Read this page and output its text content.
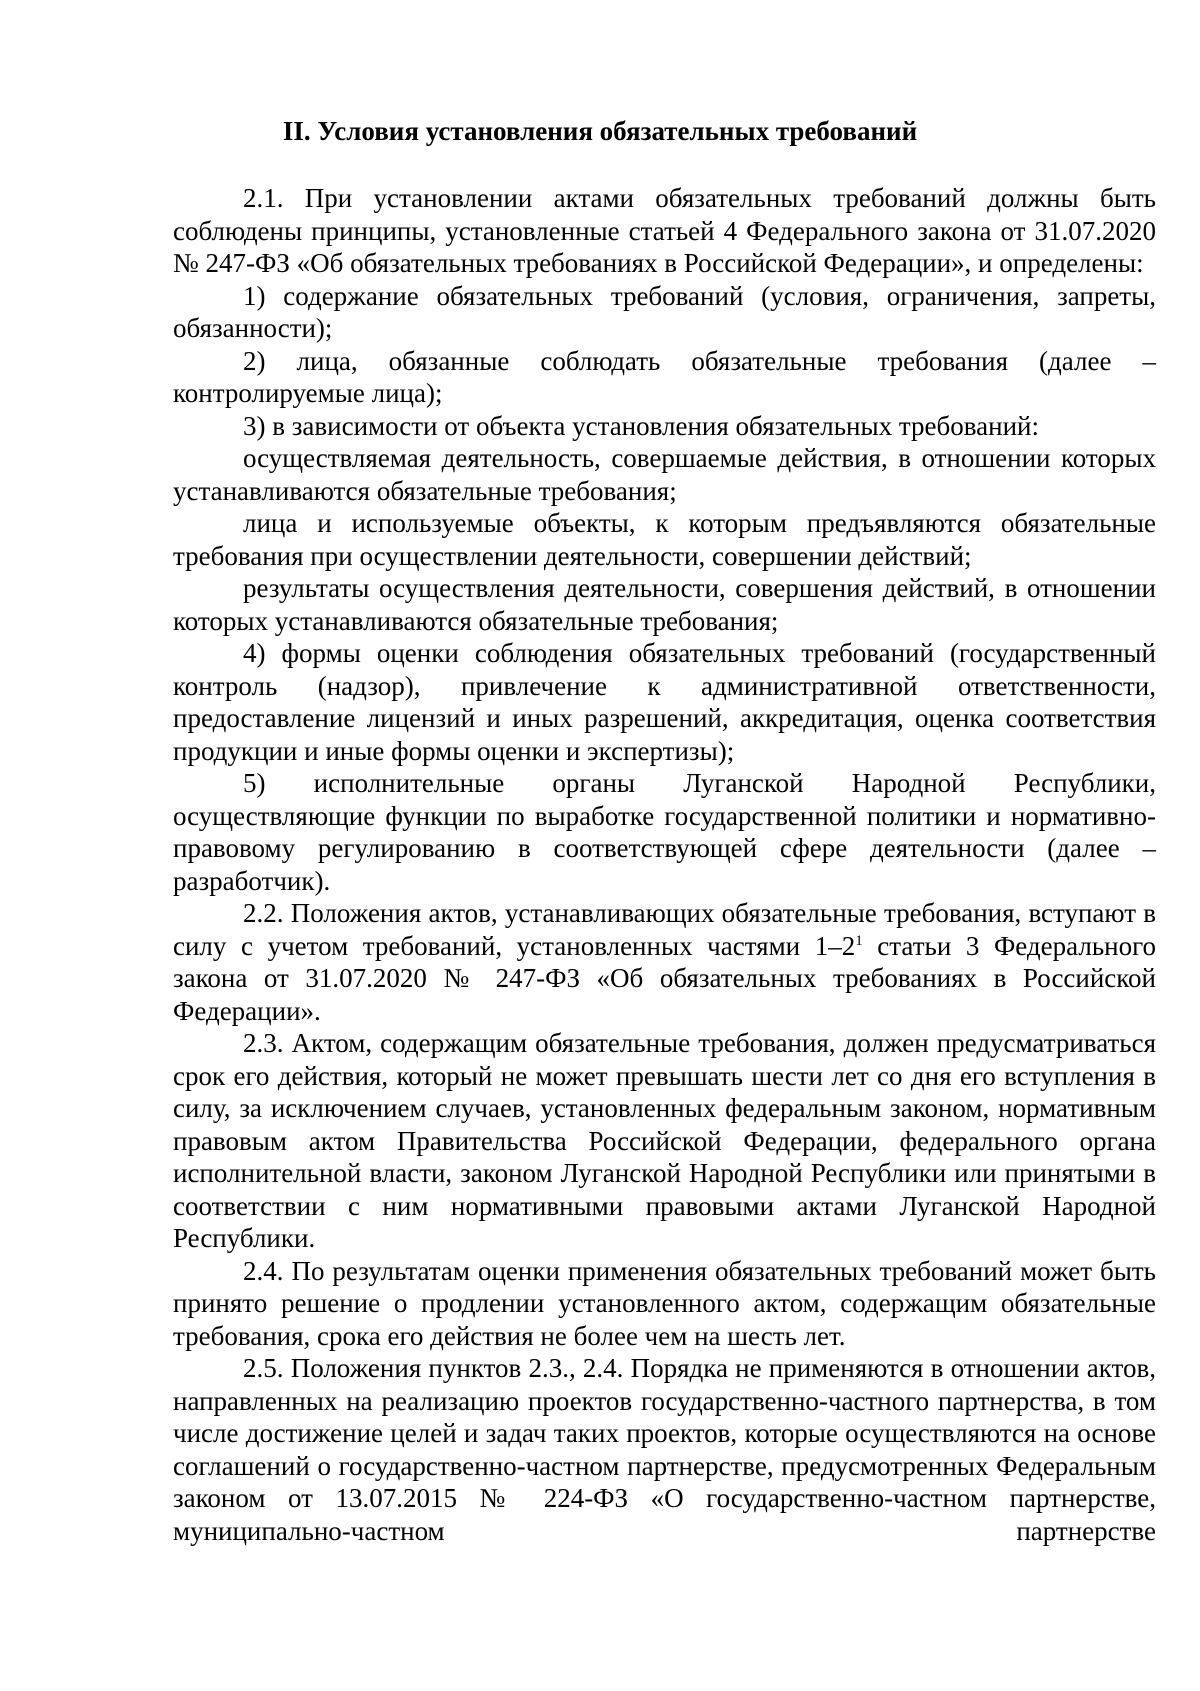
II. Условия установления обязательных требований

2.1. При установлении актами обязательных требований должны быть соблюдены принципы, установленные статьей 4 Федерального закона от 31.07.2020 № 247-ФЗ «Об обязательных требованиях в Российской Федерации», и определены:

1) содержание обязательных требований (условия, ограничения, запреты, обязанности);

2) лица, обязанные соблюдать обязательные требования (далее – контролируемые лица);

3) в зависимости от объекта установления обязательных требований:

осуществляемая деятельность, совершаемые действия, в отношении которых устанавливаются обязательные требования;

лица и используемые объекты, к которым предъявляются обязательные требования при осуществлении деятельности, совершении действий;

результаты осуществления деятельности, совершения действий, в отношении которых устанавливаются обязательные требования;

4) формы оценки соблюдения обязательных требований (государственный контроль (надзор), привлечение к административной ответственности, предоставление лицензий и иных разрешений, аккредитация, оценка соответствия продукции и иные формы оценки и экспертизы);

5) исполнительные органы Луганской Народной Республики, осуществляющие функции по выработке государственной политики и нормативно-правовому регулированию в соответствующей сфере деятельности (далее – разработчик).

2.2. Положения актов, устанавливающих обязательные требования, вступают в силу с учетом требований, установленных частями $1-2^1$ статьи 3 Федерального закона от 31.07.2020 № 247-ФЗ «Об обязательных требованиях в Российской Федерации».

2.3. Актом, содержащим обязательные требования, должен предусматриваться срок его действия, который не может превышать шести лет со дня его вступления в силу, за исключением случаев, установленных федеральным законом, нормативным правовым актом Правительства Российской Федерации, федерального органа исполнительной власти, законом Луганской Народной Республики или принятыми в соответствии с ним нормативными правовыми актами Луганской Народной Республики.

2.4. По результатам оценки применения обязательных требований может быть принято решение о продлении установленного актом, содержащим обязательные требования, срока его действия не более чем на шесть лет.

2.5. Положения пунктов 2.3., 2.4. Порядка не применяются в отношении актов, направленных на реализацию проектов государственно-частного партнерства, в том числе достижение целей и задач таких проектов, которые осуществляются на основе соглашений о государственно-частном партнерстве, предусмотренных Федеральным законом от 13.07.2015 № 224-ФЗ «О государственно-частном партнерстве, муниципально-частном партнерстве
